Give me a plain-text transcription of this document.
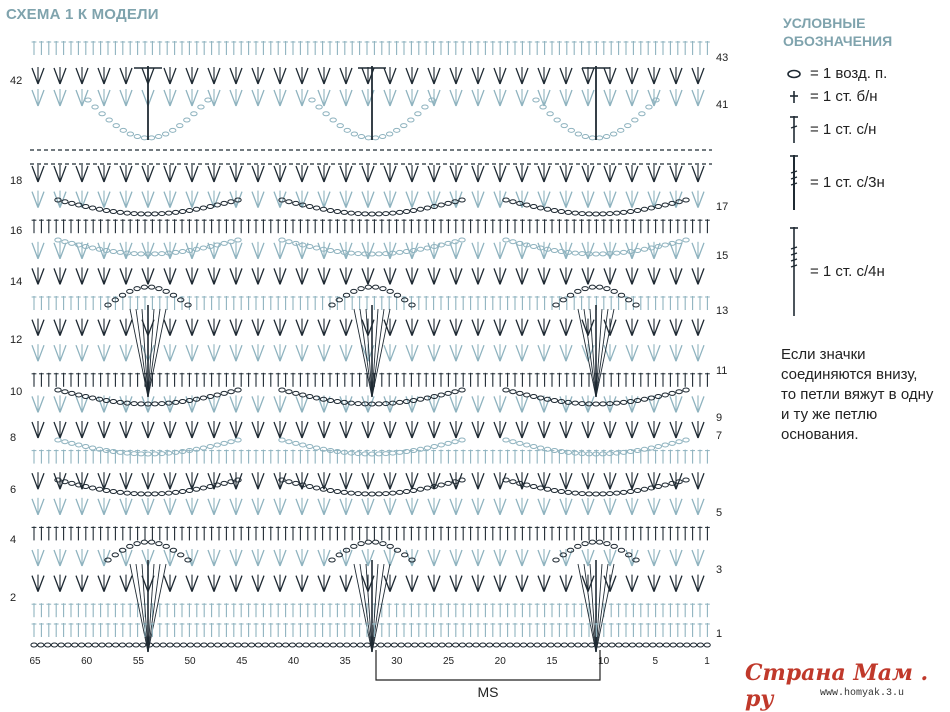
СХЕМА 1 К МОДЕЛИ
42
18
16
14
12
10
8
6
4
2
43
41
17
15
13
11
9
7
5
3
1
65	60	55	50	45	40	35	30	25	20	15	10	5	1
MS
УСЛОВНЫЕ
ОБОЗНАЧЕНИЯ
= 1 возд. п.
= 1 ст. б/н
= 1 ст. с/н
= 1 ст. с/3н
= 1 ст. с/4н
Если значки
соединяются внизу,
то петли вяжут в одну
и ту же петлю
основания.
Страна Мам . ру	www.homyak.3.u
